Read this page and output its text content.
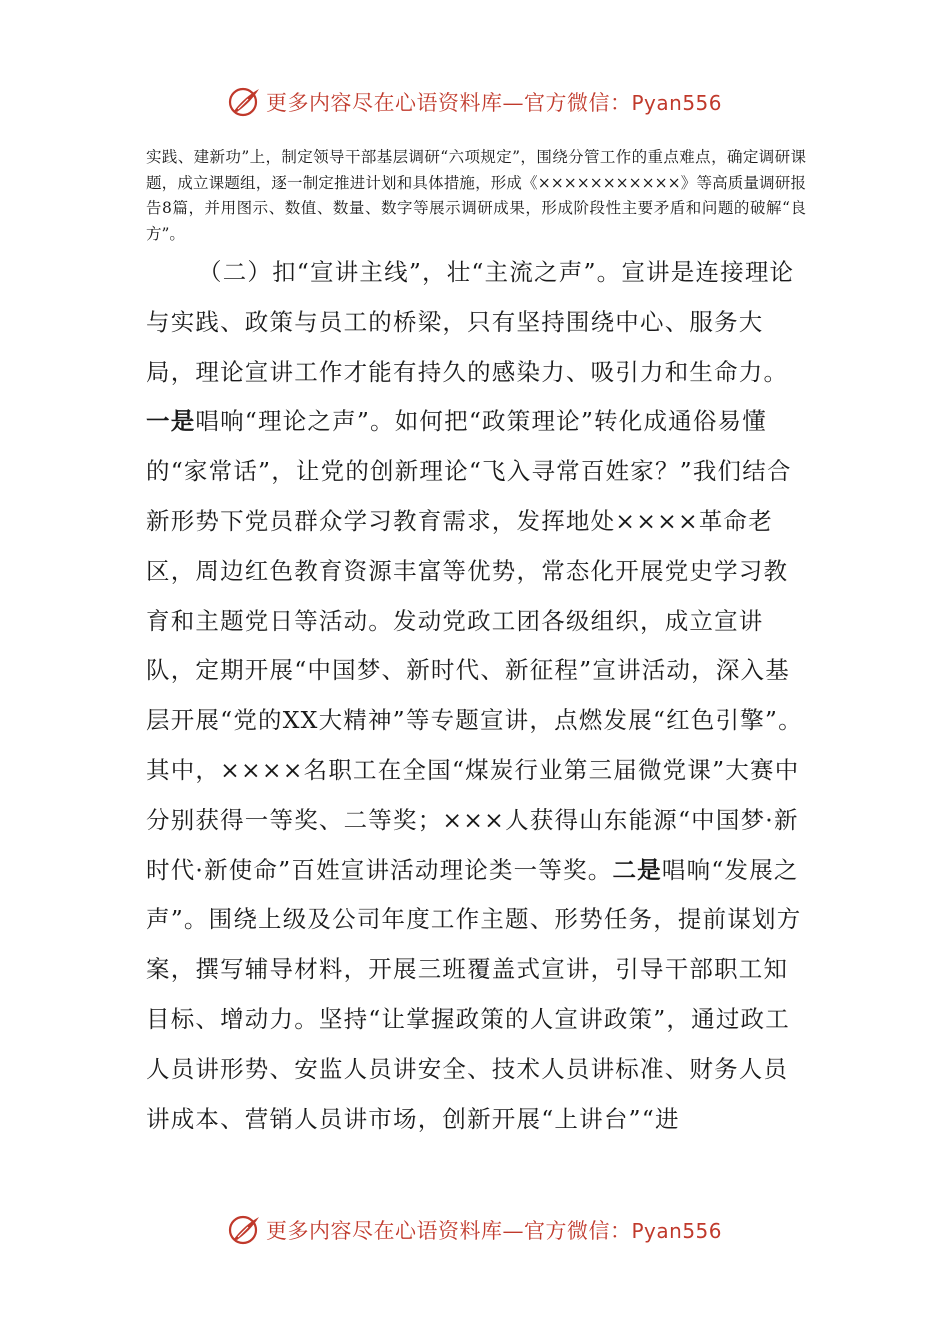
更多内容尽在心语资料库—官方微信：Pyan556

实践、建新功”上，制定领导干部基层调研“六项规定”，围绕分管工作的重点难点，确定调研课题，成立课题组，逐一制定推进计划和具体措施，形成《×××××××××××》等高质量调研报告8篇，并用图示、数值、数量、数字等展示调研成果，形成阶段性主要矛盾和问题的破解“良方”。

（二）扣“宣讲主线”，壮“主流之声”。宣讲是连接理论与实践、政策与员工的桥梁，只有坚持围绕中心、服务大局，理论宣讲工作才能有持久的感染力、吸引力和生命力。一是唱响“理论之声”。如何把“政策理论”转化成通俗易懂的“家常话”，让党的创新理论“飞入寻常百姓家？”我们结合新形势下党员群众学习教育需求，发挥地处××××革命老区，周边红色教育资源丰富等优势，常态化开展党史学习教育和主题党日等活动。发动党政工团各级组织，成立宣讲队，定期开展“中国梦、新时代、新征程”宣讲活动，深入基层开展“党的XX大精神”等专题宣讲，点燃发展“红色引擎”。其中，××××名职工在全国“煤炭行业第三届微党课”大赛中分别获得一等奖、二等奖；×××人获得山东能源“中国梦·新时代·新使命”百姓宣讲活动理论类一等奖。二是唱响“发展之声”。围绕上级及公司年度工作主题、形势任务，提前谋划方案，撰写辅导材料，开展三班覆盖式宣讲，引导干部职工知目标、增动力。坚持“让掌握政策的人宣讲政策”，通过政工人员讲形势、安监人员讲安全、技术人员讲标准、财务人员讲成本、营销人员讲市场，创新开展“上讲台”“进

更多内容尽在心语资料库—官方微信：Pyan556
